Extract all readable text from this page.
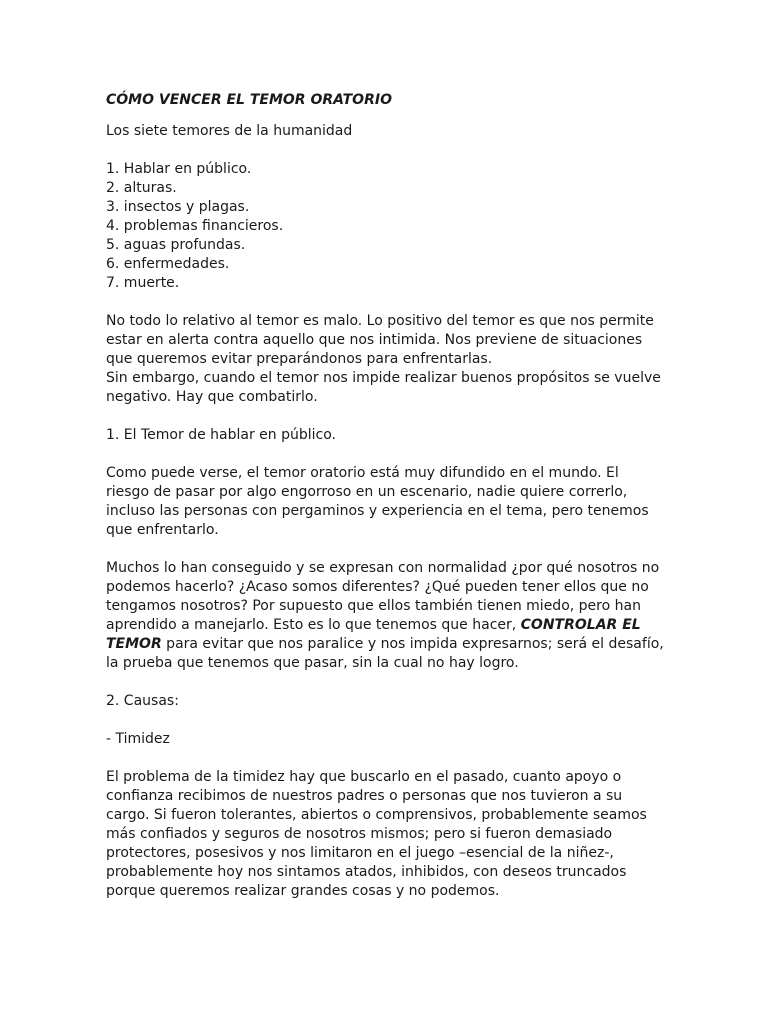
CÓMO VENCER EL TEMOR ORATORIO

Los siete temores de la humanidad

1. Hablar en público.
2. alturas.
3. insectos y plagas.
4. problemas financieros.
5. aguas profundas.
6. enfermedades.
7. muerte.

No todo lo relativo al temor es malo. Lo positivo del temor es que nos permite estar en alerta contra aquello que nos intimida. Nos previene de situaciones que queremos evitar preparándonos para enfrentarlas.

Sin embargo, cuando el temor nos impide realizar buenos propósitos se vuelve negativo. Hay que combatirlo.

1. El Temor de hablar en público.

Como puede verse, el temor oratorio está muy difundido en el mundo. El riesgo de pasar por algo engorroso en un escenario, nadie quiere correrlo, incluso las personas con pergaminos y experiencia en el tema, pero tenemos que enfrentarlo.

Muchos lo han conseguido y se expresan con normalidad ¿por qué nosotros no podemos hacerlo? ¿Acaso somos diferentes? ¿Qué pueden tener ellos que no tengamos nosotros? Por supuesto que ellos también tienen miedo, pero han aprendido a manejarlo. Esto es lo que tenemos que hacer, CONTROLAR EL TEMOR para evitar que nos paralice y nos impida expresarnos; será el desafío, la prueba que tenemos que pasar, sin la cual no hay logro.

2. Causas:

- Timidez

El problema de la timidez hay que buscarlo en el pasado, cuanto apoyo o confianza recibimos de nuestros padres o personas que nos tuvieron a su cargo. Si fueron tolerantes, abiertos o comprensivos, probablemente seamos más confiados y seguros de nosotros mismos; pero si fueron demasiado protectores, posesivos y nos limitaron en el juego –esencial de la niñez-, probablemente hoy nos sintamos atados, inhibidos, con deseos truncados porque queremos realizar grandes cosas y no podemos.
